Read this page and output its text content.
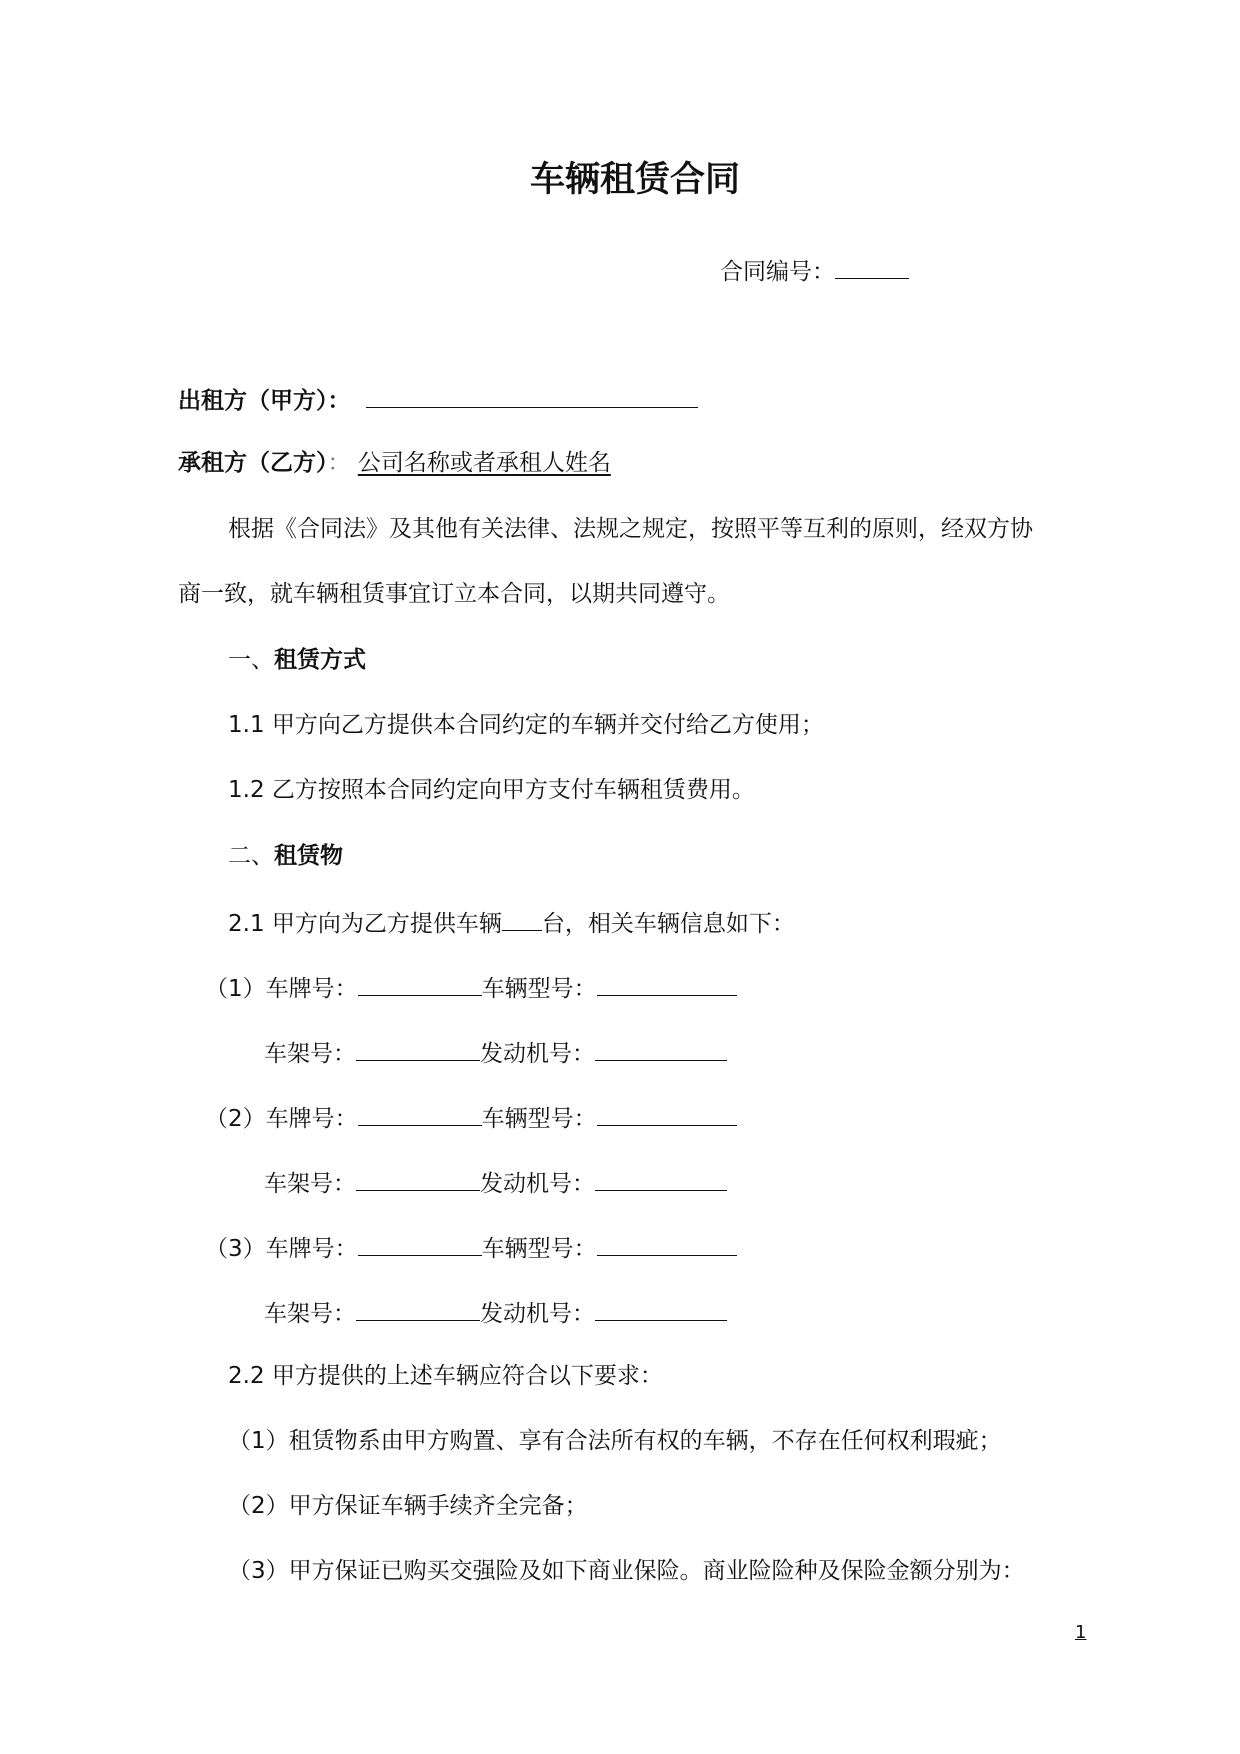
车辆租赁合同
合同编号：
出租方（甲方）：
承租方（乙方）： 公司名称或者承租人姓名
根据《合同法》及其他有关法律、法规之规定，按照平等互利的原则，经双方协
商一致，就车辆租赁事宜订立本合同，以期共同遵守。
一、租赁方式
1.1 甲方向乙方提供本合同约定的车辆并交付给乙方使用；
1.2 乙方按照本合同约定向甲方支付车辆租赁费用。
二、租赁物
2.1 甲方向为乙方提供车辆 台，相关车辆信息如下：
（1）车牌号：	车辆型号：
车架号：	发动机号：
（2）车牌号：	车辆型号：
车架号：	发动机号：
（3）车牌号：	车辆型号：
车架号：	发动机号：
2.2 甲方提供的上述车辆应符合以下要求：
（1）租赁物系由甲方购置、享有合法所有权的车辆，不存在任何权利瑕疵；
（2）甲方保证车辆手续齐全完备；
（3）甲方保证已购买交强险及如下商业保险。商业险险种及保险金额分别为：
1
